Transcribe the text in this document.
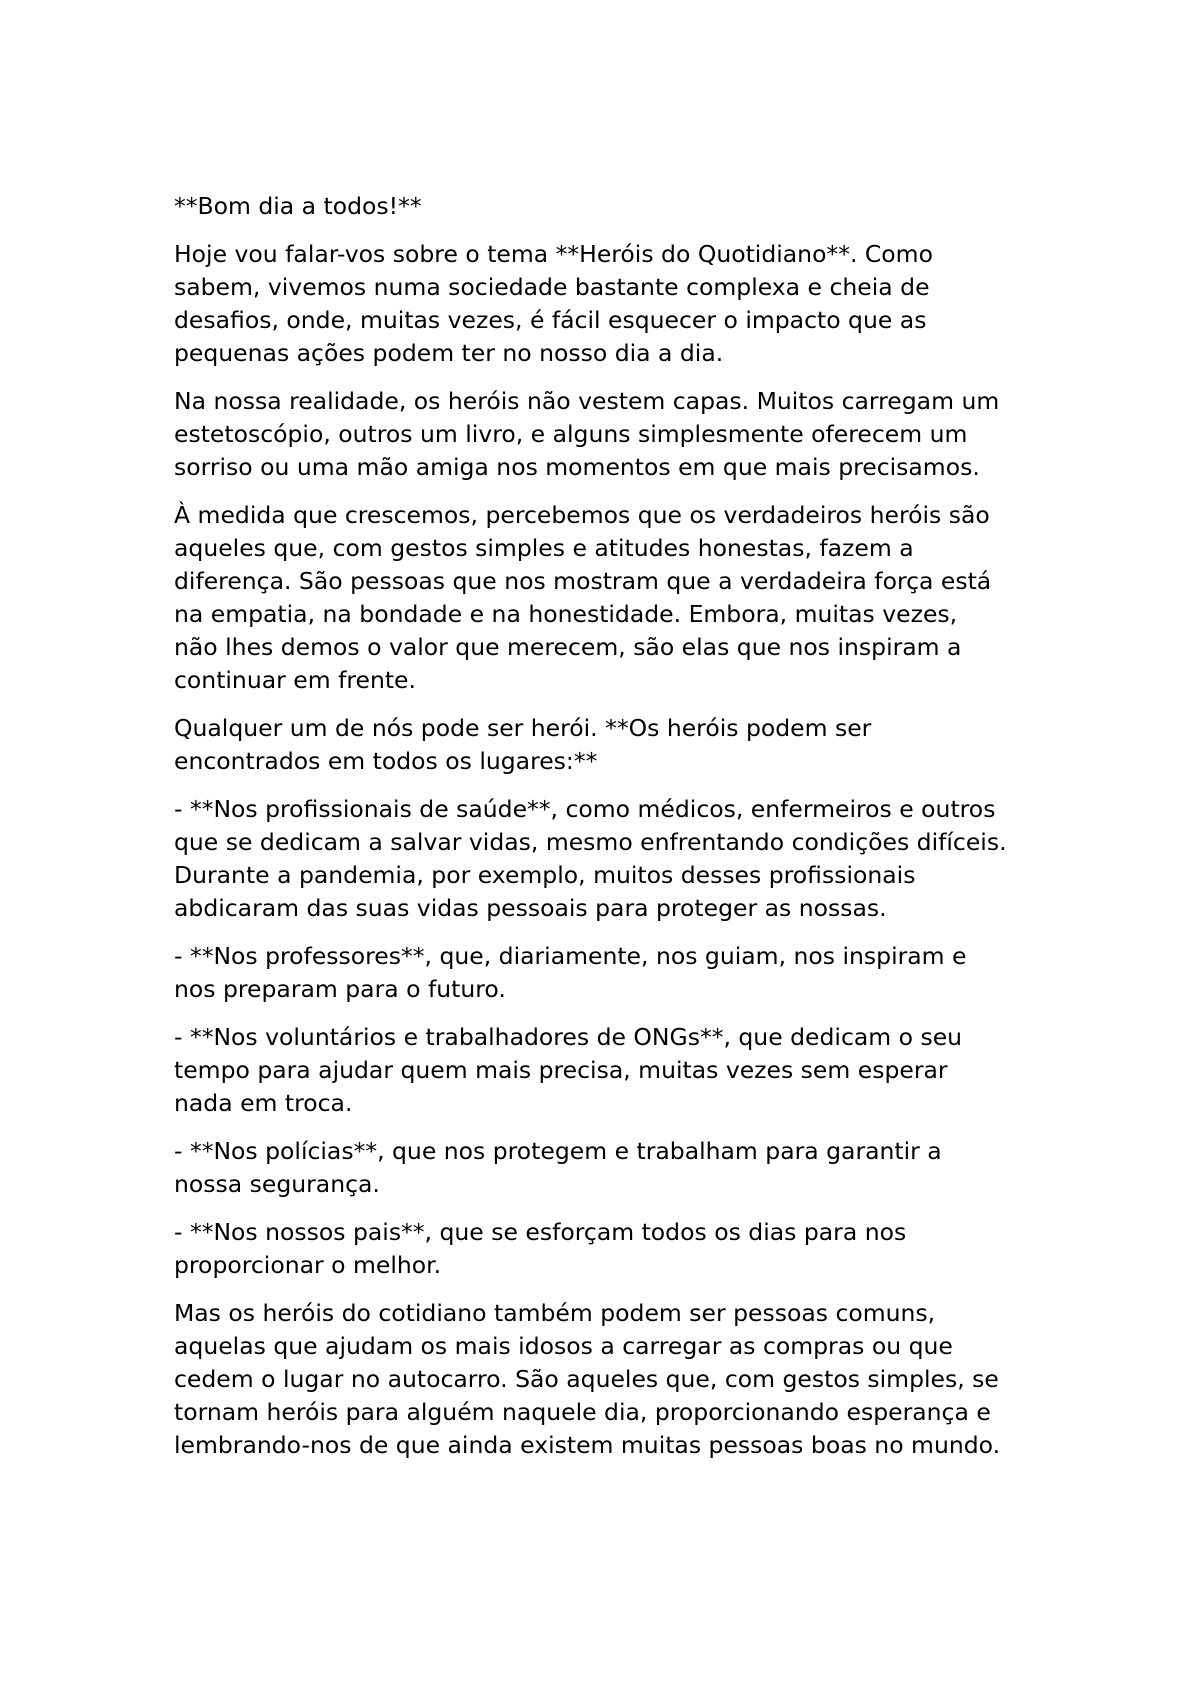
**Bom dia a todos!**

Hoje vou falar-vos sobre o tema **Heróis do Quotidiano**. Como
sabem, vivemos numa sociedade bastante complexa e cheia de
desafios, onde, muitas vezes, é fácil esquecer o impacto que as
pequenas ações podem ter no nosso dia a dia.

Na nossa realidade, os heróis não vestem capas. Muitos carregam um
estetoscópio, outros um livro, e alguns simplesmente oferecem um
sorriso ou uma mão amiga nos momentos em que mais precisamos.

À medida que crescemos, percebemos que os verdadeiros heróis são
aqueles que, com gestos simples e atitudes honestas, fazem a
diferença. São pessoas que nos mostram que a verdadeira força está
na empatia, na bondade e na honestidade. Embora, muitas vezes,
não lhes demos o valor que merecem, são elas que nos inspiram a
continuar em frente.

Qualquer um de nós pode ser herói. **Os heróis podem ser
encontrados em todos os lugares:**

- **Nos profissionais de saúde**, como médicos, enfermeiros e outros
que se dedicam a salvar vidas, mesmo enfrentando condições difíceis.
Durante a pandemia, por exemplo, muitos desses profissionais
abdicaram das suas vidas pessoais para proteger as nossas.

- **Nos professores**, que, diariamente, nos guiam, nos inspiram e
nos preparam para o futuro.

- **Nos voluntários e trabalhadores de ONGs**, que dedicam o seu
tempo para ajudar quem mais precisa, muitas vezes sem esperar
nada em troca.

- **Nos polícias**, que nos protegem e trabalham para garantir a
nossa segurança.

- **Nos nossos pais**, que se esforçam todos os dias para nos
proporcionar o melhor.

Mas os heróis do cotidiano também podem ser pessoas comuns,
aquelas que ajudam os mais idosos a carregar as compras ou que
cedem o lugar no autocarro. São aqueles que, com gestos simples, se
tornam heróis para alguém naquele dia, proporcionando esperança e
lembrando-nos de que ainda existem muitas pessoas boas no mundo.
